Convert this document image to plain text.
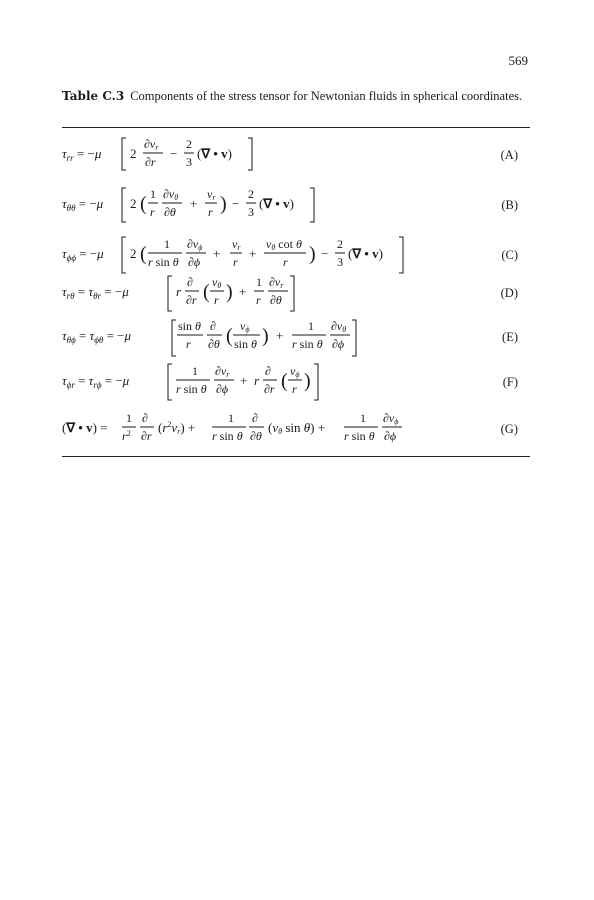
569
Table C.3 Components of the stress tensor for Newtonian fluids in spherical coordinates.
$\tau_{rr} = -\mu$ 2
∂vr
∂r
−
2
3
(∇ • v)
$\tau_{\theta\theta} = -\mu$ 2 ( 1
r
∂vθ
∂θ
+
vr
r ) −
2
3
(∇ • v)
$\tau_{\phi\phi} = -\mu$ 2 ( 1
r sin θ
∂vϕ
∂ϕ
+
vr
r
+
vθ cot θ
r ) −
2
3
(∇ • v)
$\tau_{r\theta} = \tau_{\theta r} = -\mu$	r
∂
∂r ( vθ
r ) +
1
r
∂vr
∂θ
$\tau_{\theta\phi} = \tau_{\phi\theta} = -\mu$
sin θ
r
∂
∂θ ( vϕ
sin θ ) +
1
r sin θ
∂vθ
∂ϕ
$\tau_{\phi r} = \tau_{r\phi} = -\mu$
1
r sin θ
∂vr
∂ϕ
+ r
∂
∂r ( vϕ
r )
(∇ • v) =
1
$r^2$
∂
∂r
$(r^2vr)$ +
1
r sin θ
∂
∂θ
(vθ sin θ) +
1
r sin θ
∂vϕ
∂ϕ
(A)
(B)
(C)
(D)
(E)
(F)
(G)
